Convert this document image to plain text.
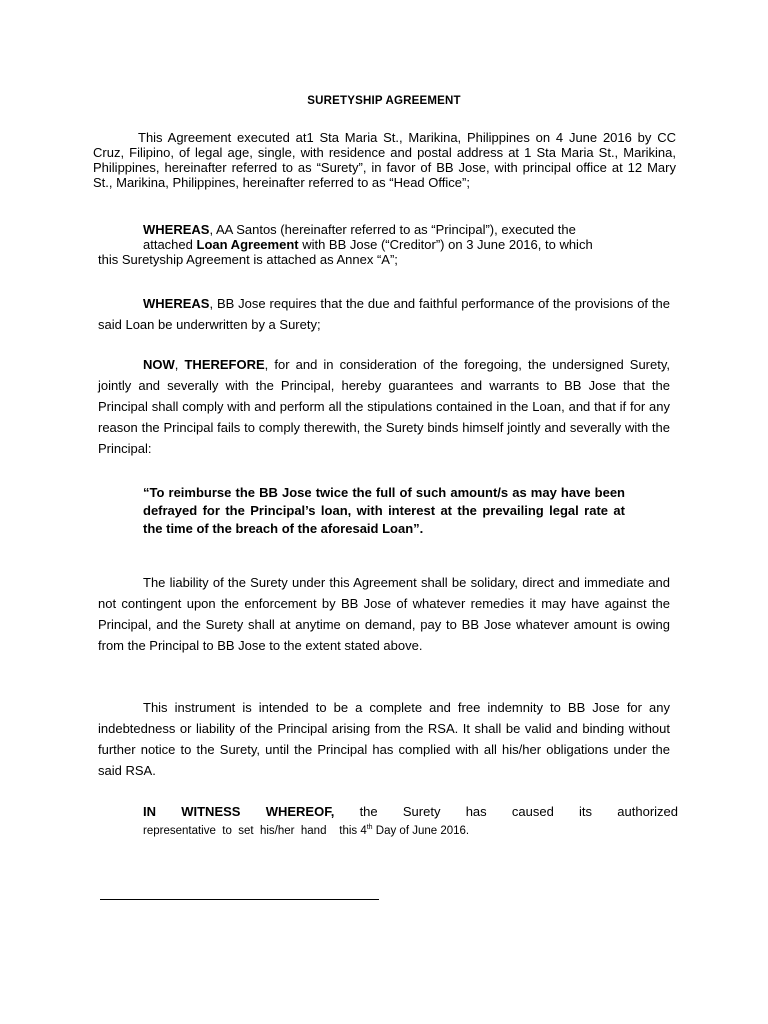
SURETYSHIP AGREEMENT

This Agreement executed at1 Sta Maria St., Marikina, Philippines on 4 June 2016 by CC Cruz, Filipino, of legal age, single, with residence and postal address at 1 Sta Maria St., Marikina, Philippines, hereinafter referred to as “Surety”, in favor of BB Jose, with principal office at 12 Mary St., Marikina, Philippines, hereinafter referred to as “Head Office”;

WHEREAS, AA Santos (hereinafter referred to as “Principal”), executed the
attached Loan Agreement with BB Jose (“Creditor”) on 3 June 2016, to which
this Suretyship Agreement is attached as Annex “A”;

WHEREAS, BB Jose requires that the due and faithful performance of the provisions of the said Loan be underwritten by a Surety;

NOW, THEREFORE, for and in consideration of the foregoing, the undersigned Surety, jointly and severally with the Principal, hereby guarantees and warrants to BB Jose that the Principal shall comply with and perform all the stipulations contained in the Loan, and that if for any reason the Principal fails to comply therewith, the Surety binds himself jointly and severally with the Principal:

“To reimburse the BB Jose twice the full of such amount/s as may have been defrayed for the Principal’s loan, with interest at the prevailing legal rate at the time of the breach of the aforesaid Loan”.

The liability of the Surety under this Agreement shall be solidary, direct and immediate and not contingent upon the enforcement by BB Jose of whatever remedies it may have against the Principal, and the Surety shall at anytime on demand, pay to BB Jose whatever amount is owing from the Principal to BB Jose to the extent stated above.

This instrument is intended to be a complete and free indemnity to BB Jose for any indebtedness or liability of the Principal arising from the RSA. It shall be valid and binding without further notice to the Surety, until the Principal has complied with all his/her obligations under the said RSA.

IN WITNESS WHEREOF, the Surety has caused its authorized
representative  to  set  his/her  hand    this 4th Day of June 2016.
